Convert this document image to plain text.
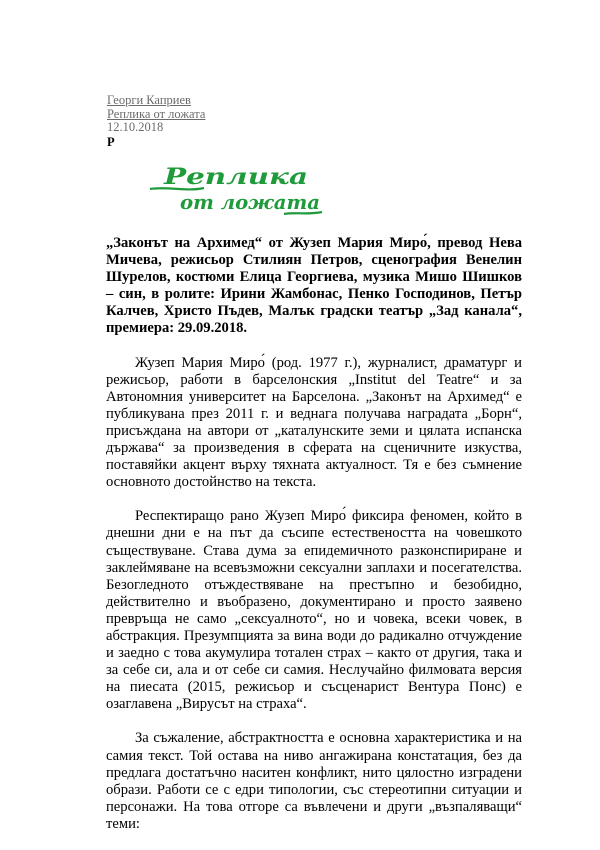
Георги Каприев
Реплика от ложата
12.10.2018
P
Реплика
от ложата
„Законът на Архимед“ от Жузеп Мария Миро́, превод Нева Мичева, режисьор Стилиян Петров, сценография Венелин Шурелов, костюми Елица Георгиева, музика Мишо Шишков – син, в ролите: Ирини Жамбонас, Пенко Господинов, Петър Калчев, Христо Пъдев, Малък градски театър „Зад канала“, премиера: 29.09.2018.

Жузеп Мария Миро́ (род. 1977 г.), журналист, драматург и режисьор, работи в барселонския „Institut del Teatre“ и за Автономния университет на Барселона. „Законът на Архимед“ е публикувана през 2011 г. и веднага получава наградата „Борн“, присъждана на автори от „каталунските земи и цялата испанска държава“ за произведения в сферата на сценичните изкуства, поставяйки акцент върху тяхната актуалност. Тя е без съмнение основното достойнство на текста.

Респектиращо рано Жузеп Миро́ фиксира феномен, който в днешни дни е на път да съсипе естествеността на човешкото съществуване. Става дума за епидемичното разконспириране и заклеймяване на всевъзможни сексуални заплахи и посегателства. Безогледното отъждествяване на престъпно и безобидно, действително и въобразено, документирано и просто заявено превръща не само „сексуалното“, но и човека, всеки човек, в абстракция. Презумпцията за вина води до радикално отчуждение и заедно с това акумулира тотален страх – както от другия, така и за себе си, ала и от себе си самия. Неслучайно филмовата версия на пиесата (2015, режисьор и съсценарист Вентура Понс) е озаглавена „Вирусът на страха“.

За съжаление, абстрактността е основна характеристика и на самия текст. Той остава на ниво ангажирана констатация, без да предлага достатъчно наситен конфликт, нито цялостно изградени образи. Работи се с едри типологии, със стереотипни ситуации и персонажи. На това отгоре са въвлечени и други „възпаляващи“ теми:
